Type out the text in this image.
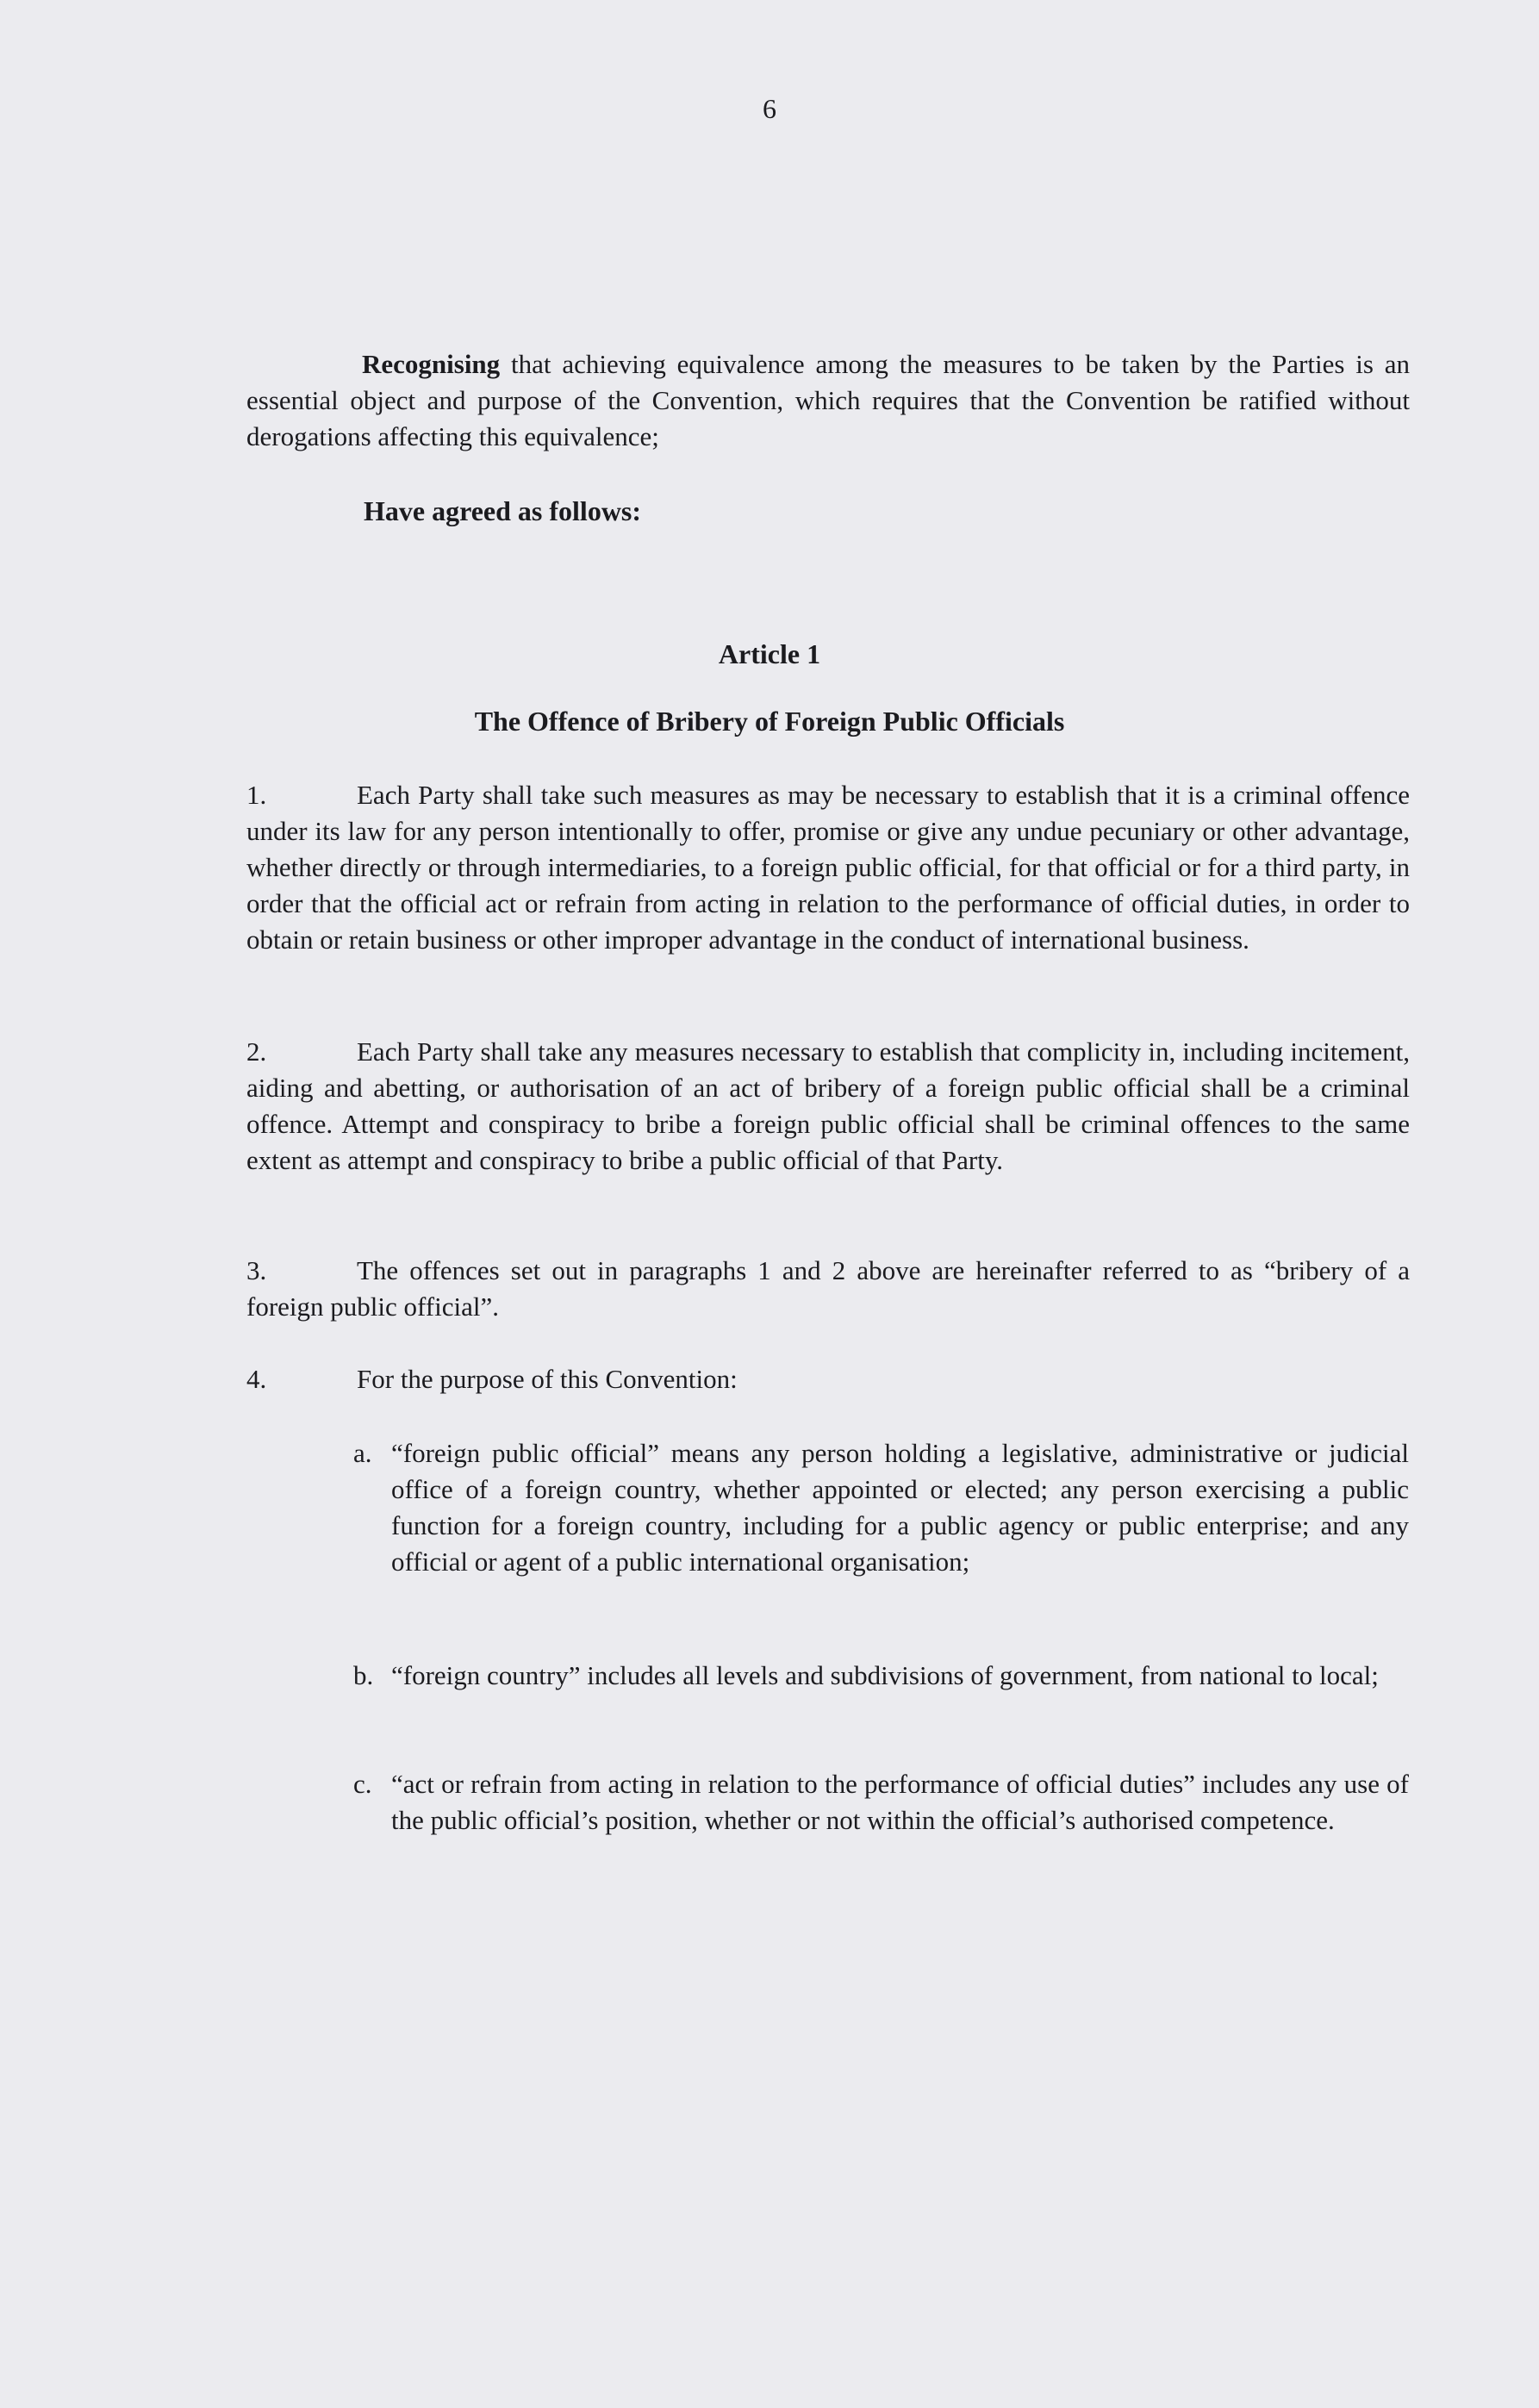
6
Recognising that achieving equivalence among the measures to be taken by the Parties is an essential object and purpose of the Convention, which requires that the Convention be ratified without derogations affecting this equivalence;
Have agreed as follows:
Article 1
The Offence of Bribery of Foreign Public Officials
1.	Each Party shall take such measures as may be necessary to establish that it is a criminal offence under its law for any person intentionally to offer, promise or give any undue pecuniary or other advantage, whether directly or through intermediaries, to a foreign public official, for that official or for a third party, in order that the official act or refrain from acting in relation to the performance of official duties, in order to obtain or retain business or other improper advantage in the conduct of international business.
2.	Each Party shall take any measures necessary to establish that complicity in, including incitement, aiding and abetting, or authorisation of an act of bribery of a foreign public official shall be a criminal offence. Attempt and conspiracy to bribe a foreign public official shall be criminal offences to the same extent as attempt and conspiracy to bribe a public official of that Party.
3.	The offences set out in paragraphs 1 and 2 above are hereinafter referred to as “bribery of a foreign public official”.
4.	For the purpose of this Convention:
a. “foreign public official” means any person holding a legislative, administrative or judicial office of a foreign country, whether appointed or elected; any person exercising a public function for a foreign country, including for a public agency or public enterprise; and any official or agent of a public international organisation;
b. “foreign country” includes all levels and subdivisions of government, from national to local;
c. “act or refrain from acting in relation to the performance of official duties” includes any use of the public official’s position, whether or not within the official’s authorised competence.
